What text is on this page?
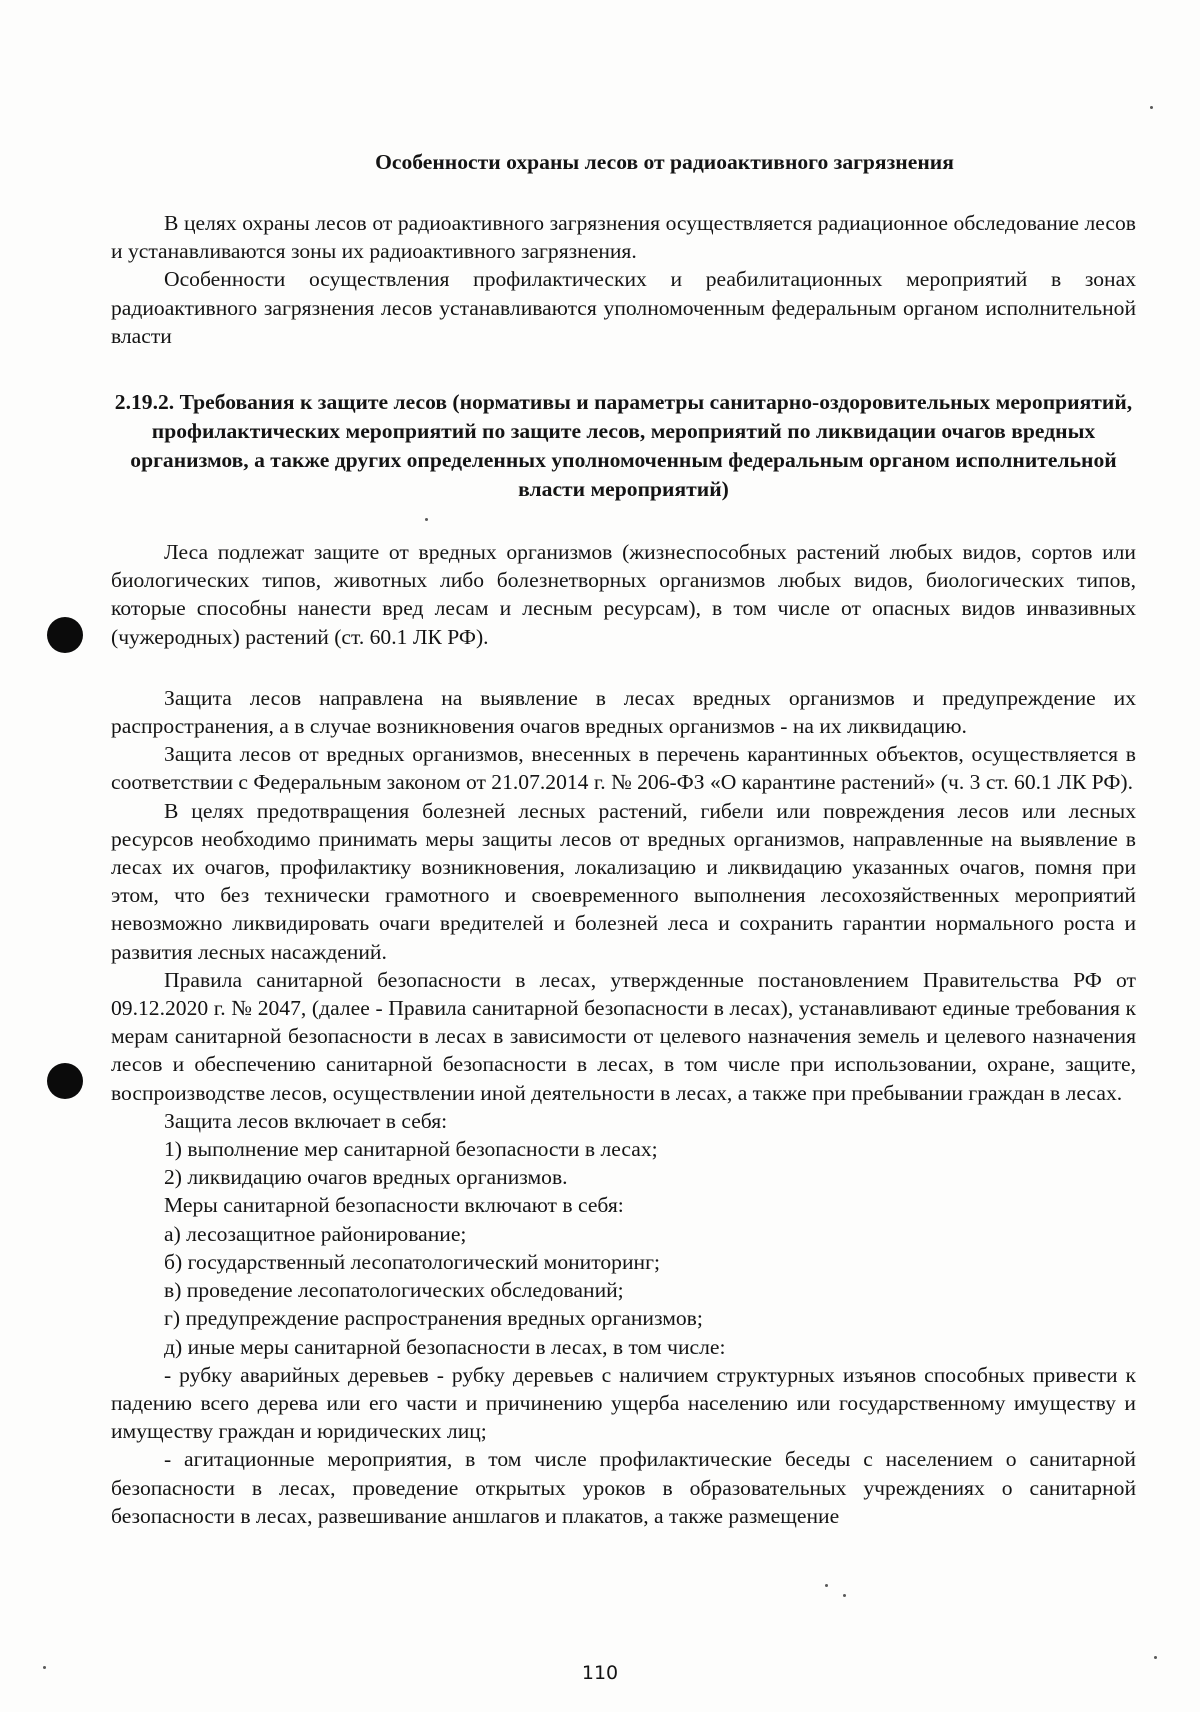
Особенности охраны лесов от радиоактивного загрязнения

В целях охраны лесов от радиоактивного загрязнения осуществляется радиационное обследование лесов и устанавливаются зоны их радиоактивного загрязнения.

Особенности осуществления профилактических и реабилитационных мероприятий в зонах радиоактивного загрязнения лесов устанавливаются уполномоченным федеральным органом исполнительной власти

2.19.2. Требования к защите лесов (нормативы и параметры санитарно-оздоровительных мероприятий, профилактических мероприятий по защите лесов, мероприятий по ликвидации очагов вредных организмов, а также других определенных уполномоченным федеральным органом исполнительной власти мероприятий)

Леса подлежат защите от вредных организмов (жизнеспособных растений любых видов, сортов или биологических типов, животных либо болезнетворных организмов любых видов, биологических типов, которые способны нанести вред лесам и лесным ресурсам), в том числе от опасных видов инвазивных (чужеродных) растений (ст. 60.1 ЛК РФ).

Защита лесов направлена на выявление в лесах вредных организмов и предупреждение их распространения, а в случае возникновения очагов вредных организмов - на их ликвидацию.

Защита лесов от вредных организмов, внесенных в перечень карантинных объектов, осуществляется в соответствии с Федеральным законом от 21.07.2014 г. № 206-ФЗ «О карантине растений» (ч. 3 ст. 60.1 ЛК РФ).

В целях предотвращения болезней лесных растений, гибели или повреждения лесов или лесных ресурсов необходимо принимать меры защиты лесов от вредных организмов, направленные на выявление в лесах их очагов, профилактику возникновения, локализацию и ликвидацию указанных очагов, помня при этом, что без технически грамотного и своевременного выполнения лесохозяйственных мероприятий невозможно ликвидировать очаги вредителей и болезней леса и сохранить гарантии нормального роста и развития лесных насаждений.

Правила санитарной безопасности в лесах, утвержденные постановлением Правительства РФ от 09.12.2020 г. № 2047, (далее - Правила санитарной безопасности в лесах), устанавливают единые требования к мерам санитарной безопасности в лесах в зависимости от целевого назначения земель и целевого назначения лесов и обеспечению санитарной безопасности в лесах, в том числе при использовании, охране, защите, воспроизводстве лесов, осуществлении иной деятельности в лесах, а также при пребывании граждан в лесах.

Защита лесов включает в себя:

1) выполнение мер санитарной безопасности в лесах;

2) ликвидацию очагов вредных организмов.

Меры санитарной безопасности включают в себя:

а) лесозащитное районирование;

б) государственный лесопатологический мониторинг;

в) проведение лесопатологических обследований;

г) предупреждение распространения вредных организмов;

д) иные меры санитарной безопасности в лесах, в том числе:

- рубку аварийных деревьев - рубку деревьев с наличием структурных изъянов способных привести к падению всего дерева или его части и причинению ущерба населению или государственному имуществу и имуществу граждан и юридических лиц;

- агитационные мероприятия, в том числе профилактические беседы с населением о санитарной безопасности в лесах, проведение открытых уроков в образовательных учреждениях о санитарной безопасности в лесах, развешивание аншлагов и плакатов, а также размещение

110
